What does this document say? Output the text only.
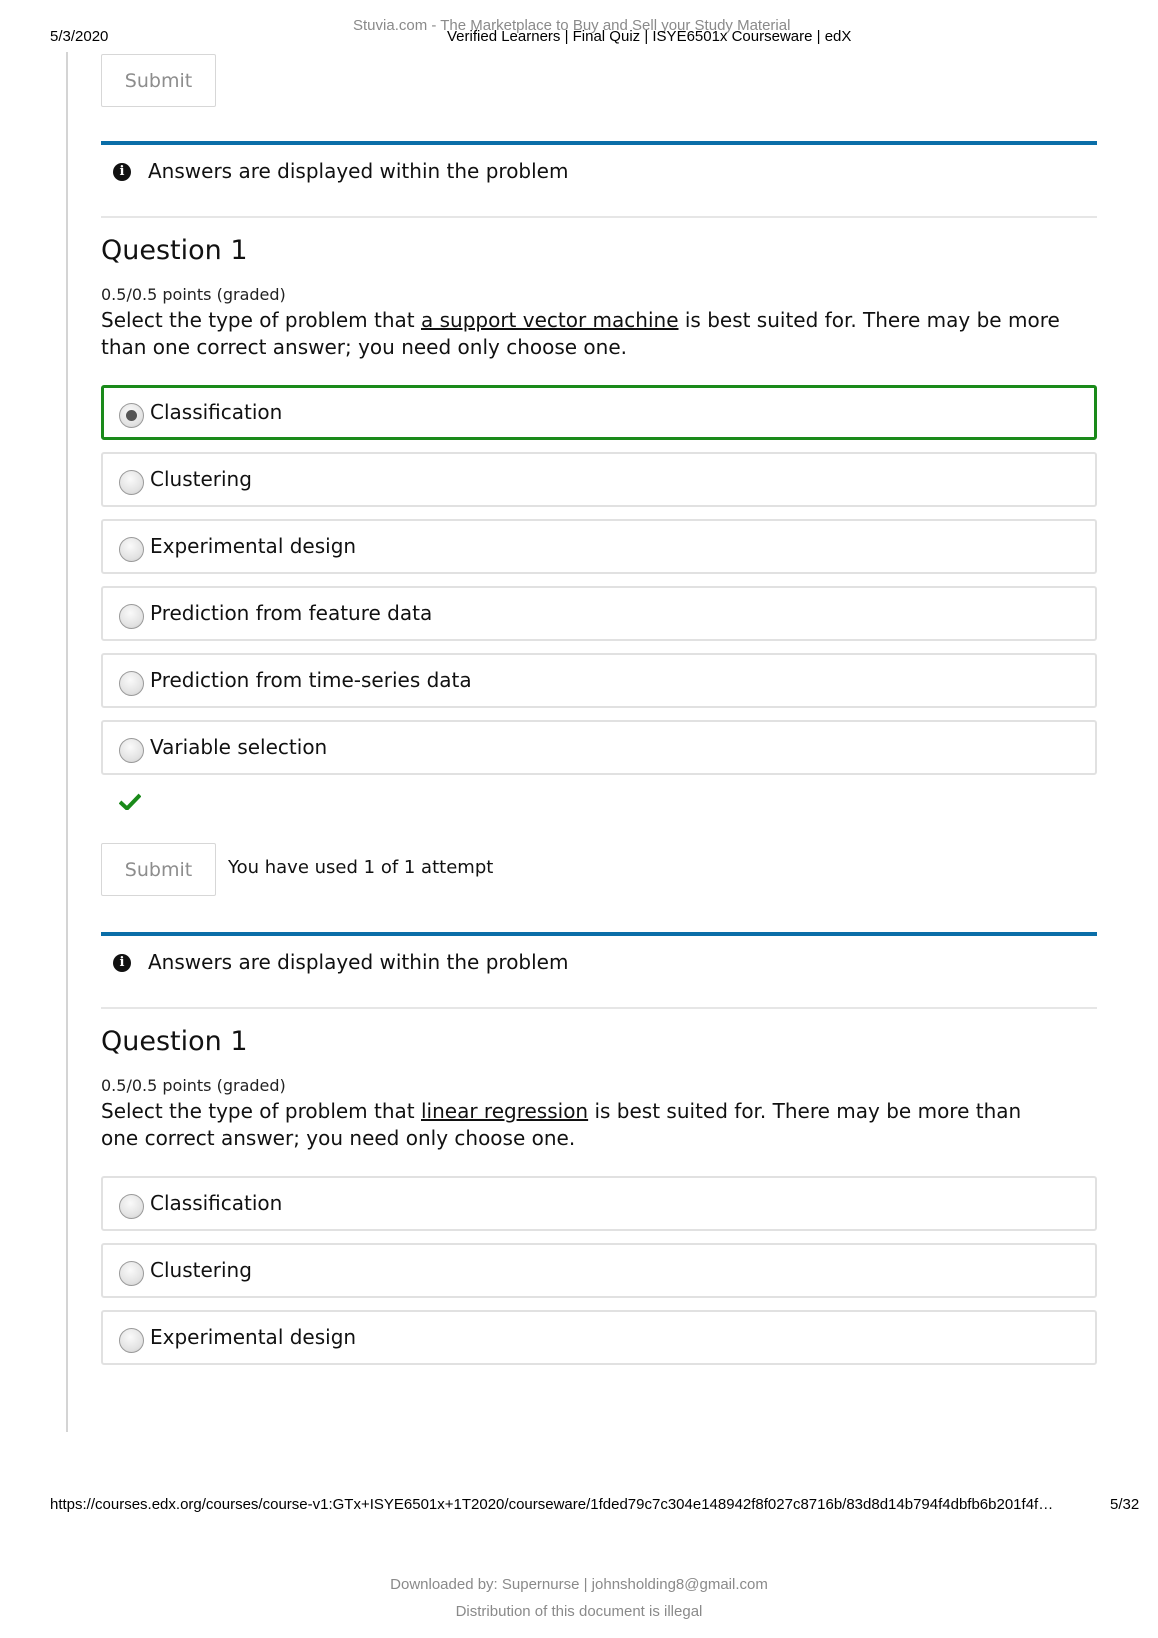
5/3/2020
Stuvia.com - The Marketplace to Buy and Sell your Study Material
Verified Learners | Final Quiz | ISYE6501x Courseware | edX
Submit
i	Answers are displayed within the problem
Question 1
0.5/0.5 points (graded)
Select the type of problem that a support vector machine is best suited for. There may be more than one correct answer; you need only choose one.
Classification
Clustering
Experimental design
Prediction from feature data
Prediction from time-series data
Variable selection
Submit	You have used 1 of 1 attempt
i	Answers are displayed within the problem
Question 1
0.5/0.5 points (graded)
Select the type of problem that linear regression is best suited for. There may be more than one correct answer; you need only choose one.
Classification
Clustering
Experimental design
https://courses.edx.org/courses/course-v1:GTx+ISYE6501x+1T2020/courseware/1fded79c7c304e148942f8f027c8716b/83d8d14b794f4dbfb6b201f4f…	5/32
Downloaded by: Supernurse | johnsholding8@gmail.com
Distribution of this document is illegal
